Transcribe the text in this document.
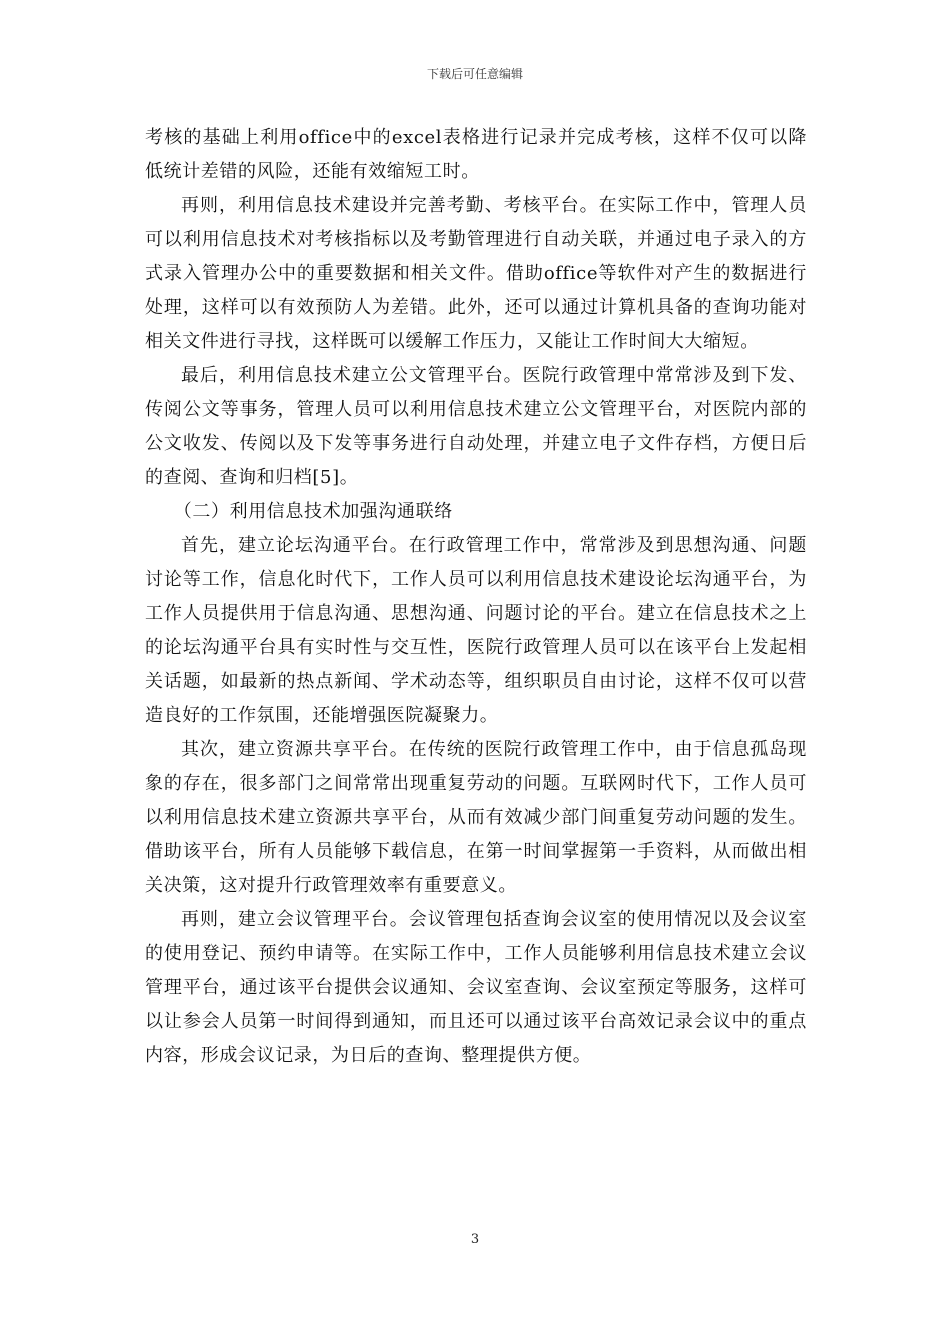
下载后可任意编辑

考核的基础上利用office中的excel表格进行记录并完成考核，这样不仅可以降低统计差错的风险，还能有效缩短工时。

再则，利用信息技术建设并完善考勤、考核平台。在实际工作中，管理人员可以利用信息技术对考核指标以及考勤管理进行自动关联，并通过电子录入的方式录入管理办公中的重要数据和相关文件。借助office等软件对产生的数据进行处理，这样可以有效预防人为差错。此外，还可以通过计算机具备的查询功能对相关文件进行寻找，这样既可以缓解工作压力，又能让工作时间大大缩短。

最后，利用信息技术建立公文管理平台。医院行政管理中常常涉及到下发、传阅公文等事务，管理人员可以利用信息技术建立公文管理平台，对医院内部的公文收发、传阅以及下发等事务进行自动处理，并建立电子文件存档，方便日后的查阅、查询和归档[5]。

（二）利用信息技术加强沟通联络

首先，建立论坛沟通平台。在行政管理工作中，常常涉及到思想沟通、问题讨论等工作，信息化时代下，工作人员可以利用信息技术建设论坛沟通平台，为工作人员提供用于信息沟通、思想沟通、问题讨论的平台。建立在信息技术之上的论坛沟通平台具有实时性与交互性，医院行政管理人员可以在该平台上发起相关话题，如最新的热点新闻、学术动态等，组织职员自由讨论，这样不仅可以营造良好的工作氛围，还能增强医院凝聚力。

其次，建立资源共享平台。在传统的医院行政管理工作中，由于信息孤岛现象的存在，很多部门之间常常出现重复劳动的问题。互联网时代下，工作人员可以利用信息技术建立资源共享平台，从而有效减少部门间重复劳动问题的发生。借助该平台，所有人员能够下载信息，在第一时间掌握第一手资料，从而做出相关决策，这对提升行政管理效率有重要意义。

再则，建立会议管理平台。会议管理包括查询会议室的使用情况以及会议室的使用登记、预约申请等。在实际工作中，工作人员能够利用信息技术建立会议管理平台，通过该平台提供会议通知、会议室查询、会议室预定等服务，这样可以让参会人员第一时间得到通知，而且还可以通过该平台高效记录会议中的重点内容，形成会议记录，为日后的查询、整理提供方便。

3
